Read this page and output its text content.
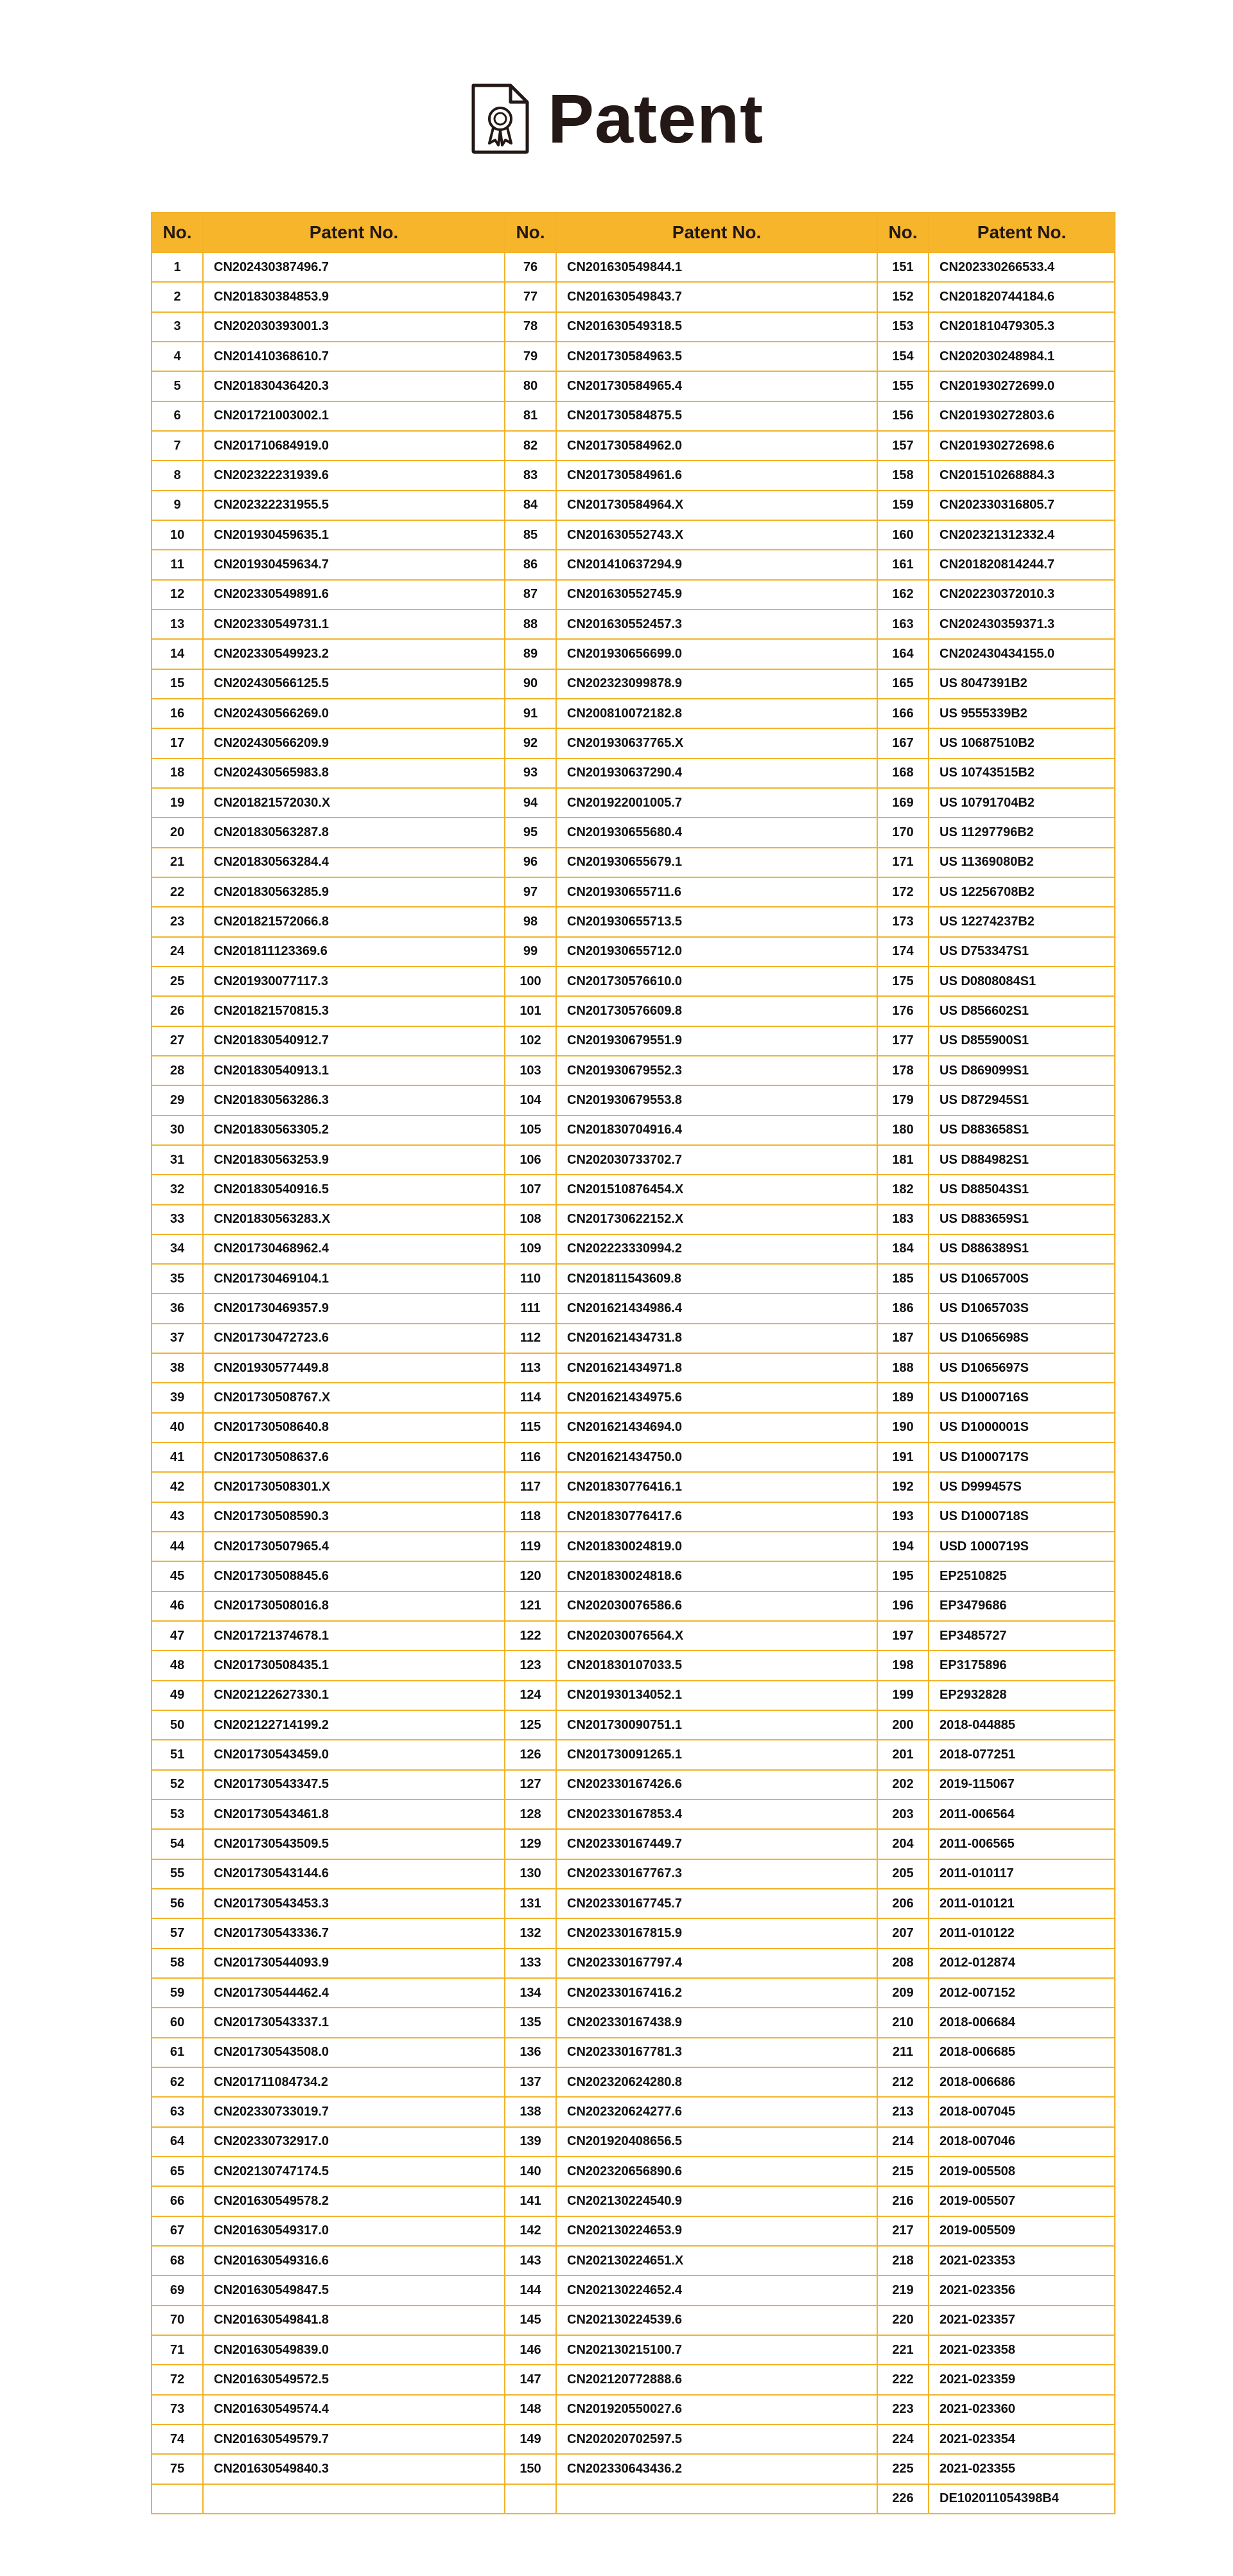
Patent
No.	Patent No.	No.	Patent No.	No.	Patent No.
1	CN202430387496.7	76	CN201630549844.1	151	CN202330266533.4
2	CN201830384853.9	77	CN201630549843.7	152	CN201820744184.6
3	CN202030393001.3	78	CN201630549318.5	153	CN201810479305.3
4	CN201410368610.7	79	CN201730584963.5	154	CN202030248984.1
5	CN201830436420.3	80	CN201730584965.4	155	CN201930272699.0
6	CN201721003002.1	81	CN201730584875.5	156	CN201930272803.6
7	CN201710684919.0	82	CN201730584962.0	157	CN201930272698.6
8	CN202322231939.6	83	CN201730584961.6	158	CN201510268884.3
9	CN202322231955.5	84	CN201730584964.X	159	CN202330316805.7
10	CN201930459635.1	85	CN201630552743.X	160	CN202321312332.4
11	CN201930459634.7	86	CN201410637294.9	161	CN201820814244.7
12	CN202330549891.6	87	CN201630552745.9	162	CN202230372010.3
13	CN202330549731.1	88	CN201630552457.3	163	CN202430359371.3
14	CN202330549923.2	89	CN201930656699.0	164	CN202430434155.0
15	CN202430566125.5	90	CN202323099878.9	165	US 8047391B2
16	CN202430566269.0	91	CN200810072182.8	166	US 9555339B2
17	CN202430566209.9	92	CN201930637765.X	167	US 10687510B2
18	CN202430565983.8	93	CN201930637290.4	168	US 10743515B2
19	CN201821572030.X	94	CN201922001005.7	169	US 10791704B2
20	CN201830563287.8	95	CN201930655680.4	170	US 11297796B2
21	CN201830563284.4	96	CN201930655679.1	171	US 11369080B2
22	CN201830563285.9	97	CN201930655711.6	172	US 12256708B2
23	CN201821572066.8	98	CN201930655713.5	173	US 12274237B2
24	CN201811123369.6	99	CN201930655712.0	174	US D753347S1
25	CN201930077117.3	100	CN201730576610.0	175	US D0808084S1
26	CN201821570815.3	101	CN201730576609.8	176	US D856602S1
27	CN201830540912.7	102	CN201930679551.9	177	US D855900S1
28	CN201830540913.1	103	CN201930679552.3	178	US D869099S1
29	CN201830563286.3	104	CN201930679553.8	179	US D872945S1
30	CN201830563305.2	105	CN201830704916.4	180	US D883658S1
31	CN201830563253.9	106	CN202030733702.7	181	US D884982S1
32	CN201830540916.5	107	CN201510876454.X	182	US D885043S1
33	CN201830563283.X	108	CN201730622152.X	183	US D883659S1
34	CN201730468962.4	109	CN202223330994.2	184	US D886389S1
35	CN201730469104.1	110	CN201811543609.8	185	US D1065700S
36	CN201730469357.9	111	CN201621434986.4	186	US D1065703S
37	CN201730472723.6	112	CN201621434731.8	187	US D1065698S
38	CN201930577449.8	113	CN201621434971.8	188	US D1065697S
39	CN201730508767.X	114	CN201621434975.6	189	US D1000716S
40	CN201730508640.8	115	CN201621434694.0	190	US D1000001S
41	CN201730508637.6	116	CN201621434750.0	191	US D1000717S
42	CN201730508301.X	117	CN201830776416.1	192	US D999457S
43	CN201730508590.3	118	CN201830776417.6	193	US D1000718S
44	CN201730507965.4	119	CN201830024819.0	194	USD 1000719S
45	CN201730508845.6	120	CN201830024818.6	195	EP2510825
46	CN201730508016.8	121	CN202030076586.6	196	EP3479686
47	CN201721374678.1	122	CN202030076564.X	197	EP3485727
48	CN201730508435.1	123	CN201830107033.5	198	EP3175896
49	CN202122627330.1	124	CN201930134052.1	199	EP2932828
50	CN202122714199.2	125	CN201730090751.1	200	2018-044885
51	CN201730543459.0	126	CN201730091265.1	201	2018-077251
52	CN201730543347.5	127	CN202330167426.6	202	2019-115067
53	CN201730543461.8	128	CN202330167853.4	203	2011-006564
54	CN201730543509.5	129	CN202330167449.7	204	2011-006565
55	CN201730543144.6	130	CN202330167767.3	205	2011-010117
56	CN201730543453.3	131	CN202330167745.7	206	2011-010121
57	CN201730543336.7	132	CN202330167815.9	207	2011-010122
58	CN201730544093.9	133	CN202330167797.4	208	2012-012874
59	CN201730544462.4	134	CN202330167416.2	209	2012-007152
60	CN201730543337.1	135	CN202330167438.9	210	2018-006684
61	CN201730543508.0	136	CN202330167781.3	211	2018-006685
62	CN201711084734.2	137	CN202320624280.8	212	2018-006686
63	CN202330733019.7	138	CN202320624277.6	213	2018-007045
64	CN202330732917.0	139	CN201920408656.5	214	2018-007046
65	CN202130747174.5	140	CN202320656890.6	215	2019-005508
66	CN201630549578.2	141	CN202130224540.9	216	2019-005507
67	CN201630549317.0	142	CN202130224653.9	217	2019-005509
68	CN201630549316.6	143	CN202130224651.X	218	2021-023353
69	CN201630549847.5	144	CN202130224652.4	219	2021-023356
70	CN201630549841.8	145	CN202130224539.6	220	2021-023357
71	CN201630549839.0	146	CN202130215100.7	221	2021-023358
72	CN201630549572.5	147	CN202120772888.6	222	2021-023359
73	CN201630549574.4	148	CN201920550027.6	223	2021-023360
74	CN201630549579.7	149	CN202020702597.5	224	2021-023354
75	CN201630549840.3	150	CN202330643436.2	225	2021-023355
				226	DE102011054398B4
